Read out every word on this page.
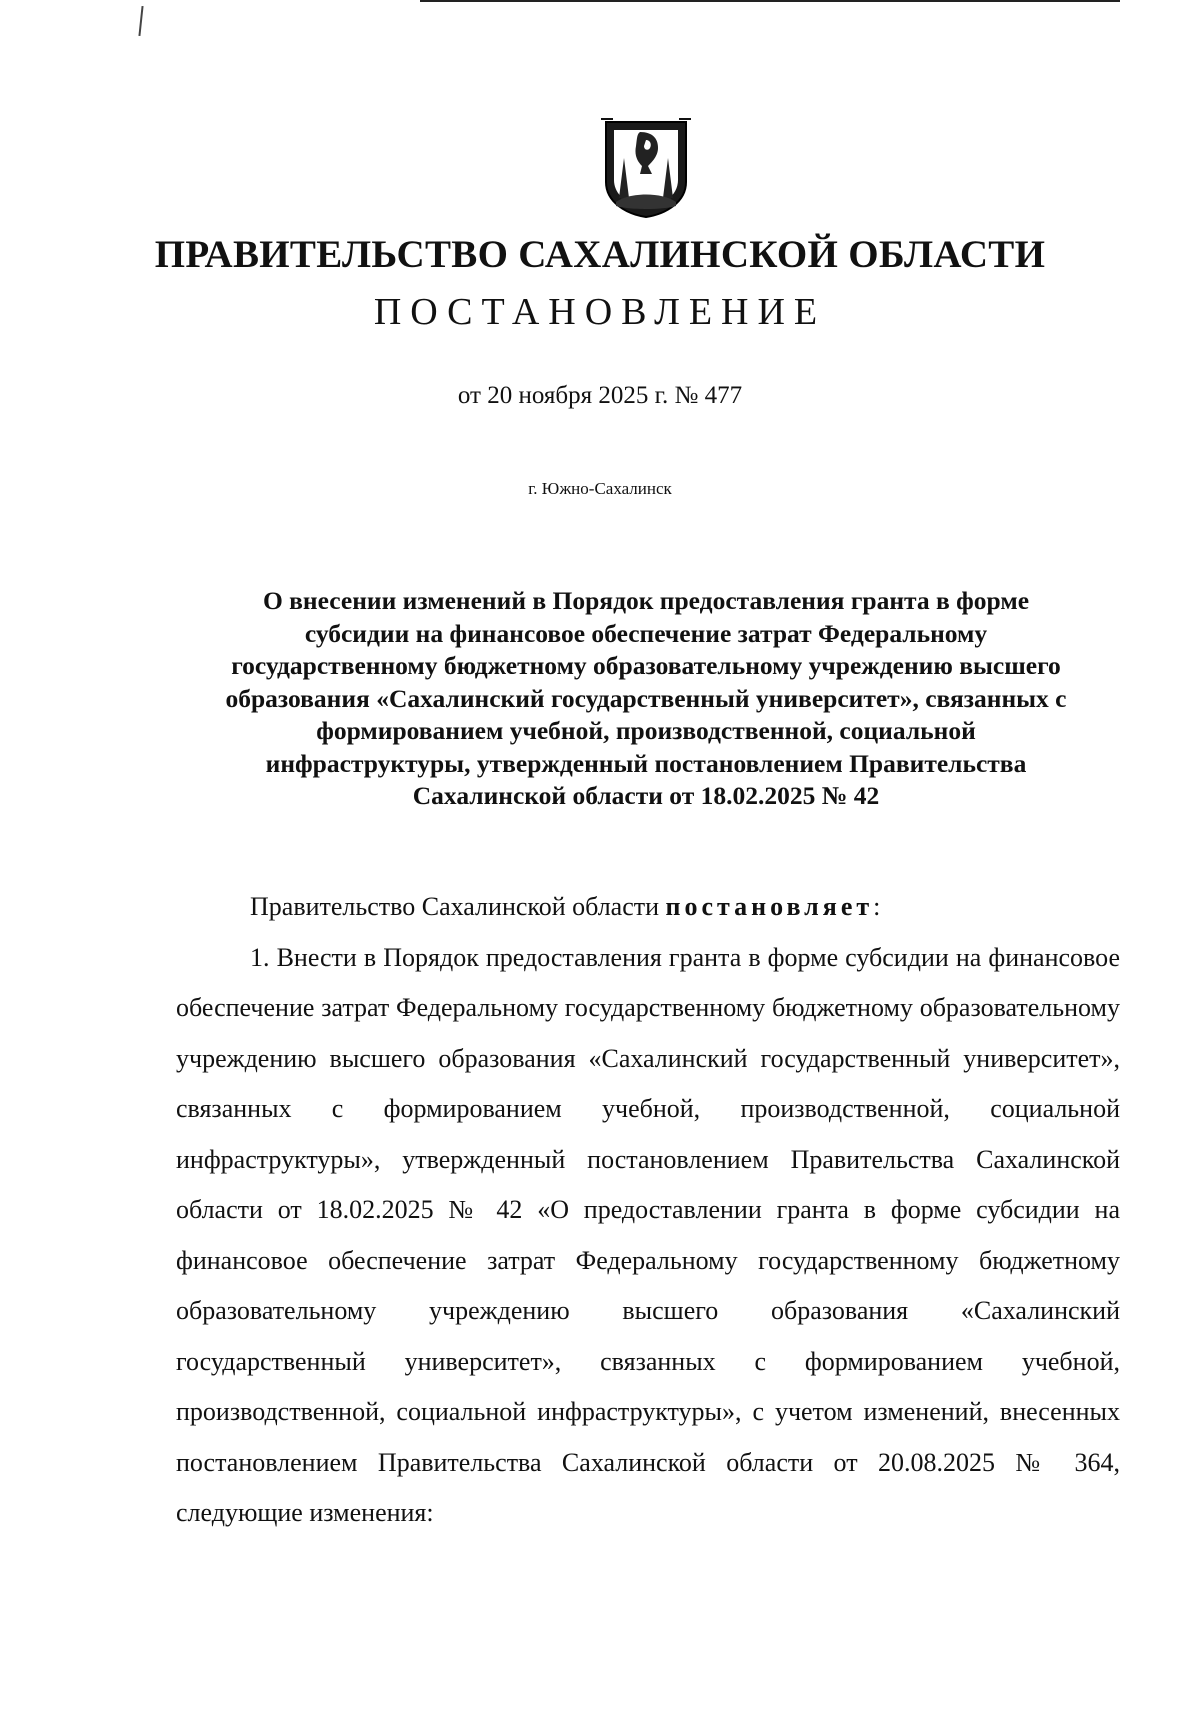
ПРАВИТЕЛЬСТВО САХАЛИНСКОЙ ОБЛАСТИ
ПОСТАНОВЛЕНИЕ
от 20 ноября 2025 г. № 477
г. Южно-Сахалинск
О внесении изменений в Порядок предоставления гранта в форме
субсидии на финансовое обеспечение затрат Федеральному
государственному бюджетному образовательному учреждению высшего
образования «Сахалинский государственный университет», связанных с
формированием учебной, производственной, социальной
инфраструктуры, утвержденный постановлением Правительства
Сахалинской области от 18.02.2025 № 42

Правительство Сахалинской области постановляет:

1. Внести в Порядок предоставления гранта в форме субсидии на финансовое обеспечение затрат Федеральному государственному бюджетному образовательному учреждению высшего образования «Сахалинский государственный университет», связанных с формированием учебной, производственной, социальной инфраструктуры», утвержденный постановлением Правительства Сахалинской области от 18.02.2025 № 42 «О предоставлении гранта в форме субсидии на финансовое обеспечение затрат Федеральному государственному бюджетному образовательному учреждению высшего образования «Сахалинский государственный университет», связанных с формированием учебной, производственной, социальной инфраструктуры», с учетом изменений, внесенных постановлением Правительства Сахалинской области от 20.08.2025 № 364, следующие изменения:
